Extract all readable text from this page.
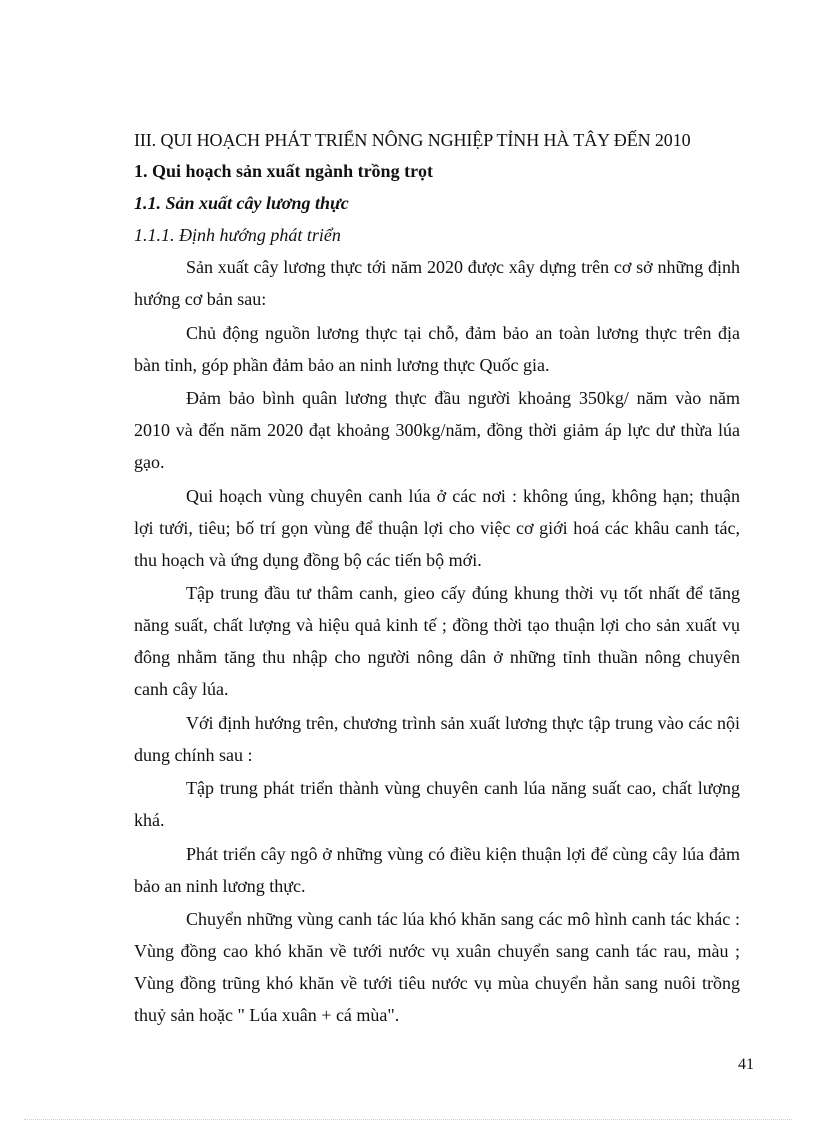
III. QUI HOẠCH PHÁT TRIỂN NÔNG NGHIỆP TỈNH HÀ TÂY ĐẾN 2010

1. Qui hoạch sản xuất ngành trồng trọt

1.1. Sản xuất cây lương thực

1.1.1. Định hướng phát triển

Sản xuất cây lương thực tới năm 2020 được xây dựng trên cơ sở những định hướng cơ bản sau:

Chủ động nguồn lương thực tại chỗ, đảm bảo an toàn lương thực trên địa bàn tỉnh, góp phần đảm bảo an ninh lương thực Quốc gia.

Đảm bảo bình quân lương thực đầu người khoảng 350kg/ năm vào năm 2010 và đến năm 2020 đạt khoảng 300kg/năm, đồng thời giảm áp lực dư thừa lúa gạo.

Qui hoạch vùng chuyên canh lúa ở các nơi : không úng, không hạn; thuận lợi tưới, tiêu; bố trí gọn vùng để thuận lợi cho việc cơ giới hoá các khâu canh tác, thu hoạch và ứng dụng đồng bộ các tiến bộ mới.

Tập trung đầu tư thâm canh, gieo cấy đúng khung thời vụ tốt nhất để tăng năng suất, chất lượng và hiệu quả kinh tế ; đồng thời tạo thuận lợi cho sản xuất vụ đông nhằm tăng thu nhập cho người nông dân ở những tỉnh thuần nông chuyên canh cây lúa.

Với định hướng trên, chương trình sản xuất lương thực tập trung vào các nội dung chính sau :

Tập trung phát triển thành vùng chuyên canh lúa năng suất cao, chất lượng khá.

Phát triển cây ngô ở những vùng có điều kiện thuận lợi để cùng cây lúa đảm bảo an ninh lương thực.

Chuyển những vùng canh tác lúa khó khăn sang các mô hình canh tác khác : Vùng đồng cao khó khăn về tưới nước vụ xuân chuyển sang canh tác rau, màu ; Vùng đồng trũng khó khăn về tưới tiêu nước vụ mùa chuyển hẳn sang nuôi trồng thuỷ sản hoặc " Lúa xuân + cá mùa".

41
